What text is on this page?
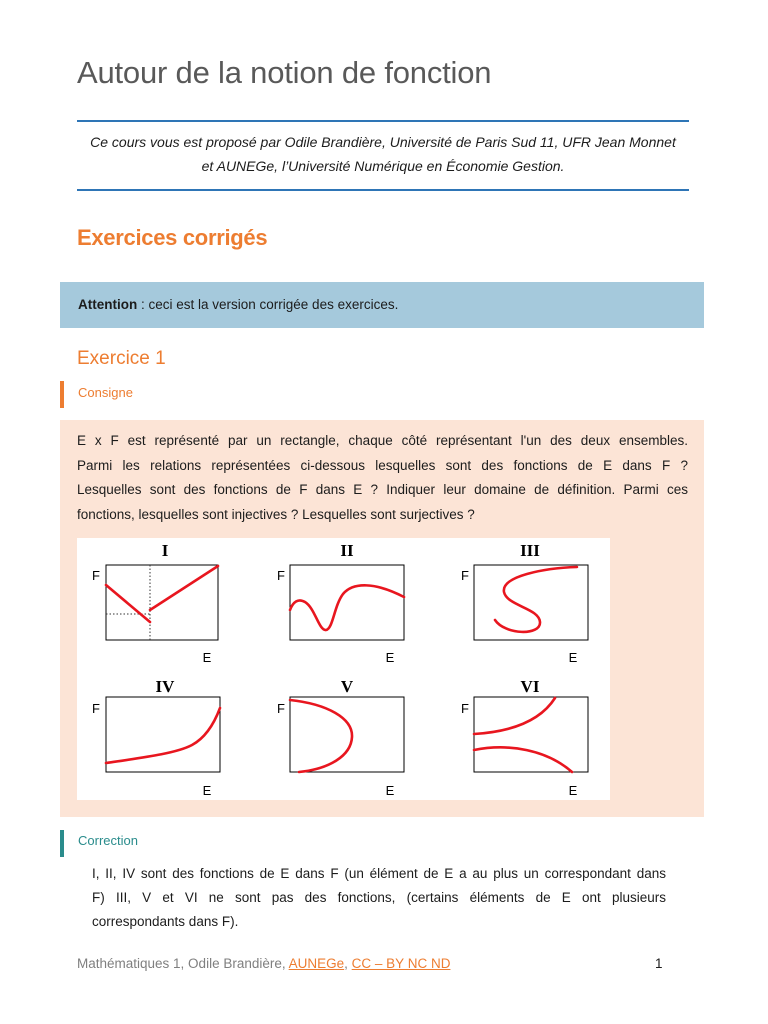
Autour de la notion de fonction
Ce cours vous est proposé par Odile Brandière, Université de Paris Sud 11, UFR Jean Monnet
et AUNEGe, l’Université Numérique en Économie Gestion.
Exercices corrigés
Attention : ceci est la version corrigée des exercices.
Exercice 1
Consigne
E x F est représenté par un rectangle, chaque côté représentant l'un des deux ensembles.
Parmi les relations représentées ci-dessous lesquelles sont des fonctions de E dans F ?
Lesquelles sont des fonctions de F dans E ? Indiquer leur domaine de définition. Parmi ces
fonctions, lesquelles sont injectives ? Lesquelles sont surjectives ?
I
F
E
II
F
E
III
F
E
IV
F
E
V
F
E
VI
F
E
Correction
I, II, IV sont des fonctions de E dans F (un élément de E a au plus un correspondant dans
F) III, V et VI ne sont pas des fonctions, (certains éléments de E ont plusieurs
correspondants dans F).
Mathématiques 1, Odile Brandière, AUNEGe, CC – BY NC ND	1
